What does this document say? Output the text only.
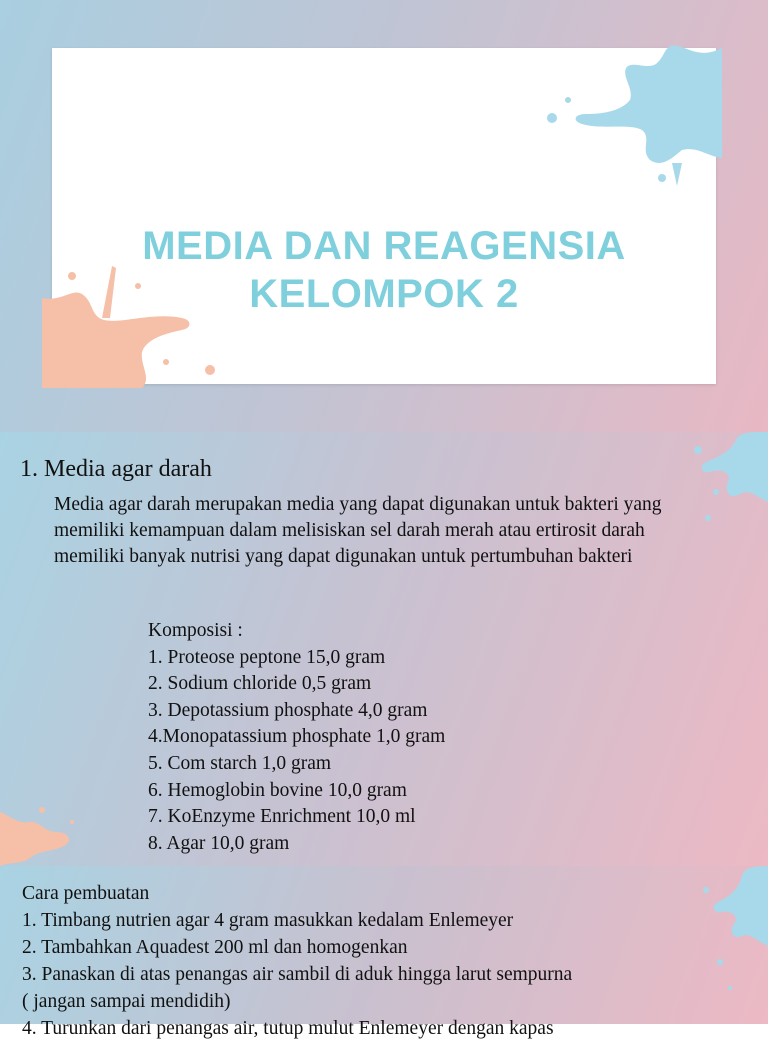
MEDIA DAN REAGENSIA
KELOMPOK 2
1. Media agar darah
Media agar darah merupakan media yang dapat digunakan untuk bakteri yang memiliki kemampuan dalam melisiskan sel darah merah atau ertirosit darah memiliki banyak nutrisi yang dapat digunakan untuk pertumbuhan bakteri
Komposisi :
1. Proteose peptone 15,0 gram
2. Sodium chloride 0,5 gram
3. Depotassium phosphate 4,0 gram
4.Monopatassium phosphate 1,0 gram
5. Com starch 1,0 gram
6. Hemoglobin bovine 10,0 gram
7. KoEnzyme Enrichment 10,0 ml
8. Agar 10,0 gram
Cara pembuatan
1. Timbang nutrien agar 4 gram masukkan kedalam Enlemeyer
2. Tambahkan Aquadest 200 ml dan homogenkan
3. Panaskan di atas penangas air sambil di aduk hingga larut sempurna
( jangan sampai mendidih)
4. Turunkan dari penangas air, tutup mulut Enlemeyer dengan kapas
